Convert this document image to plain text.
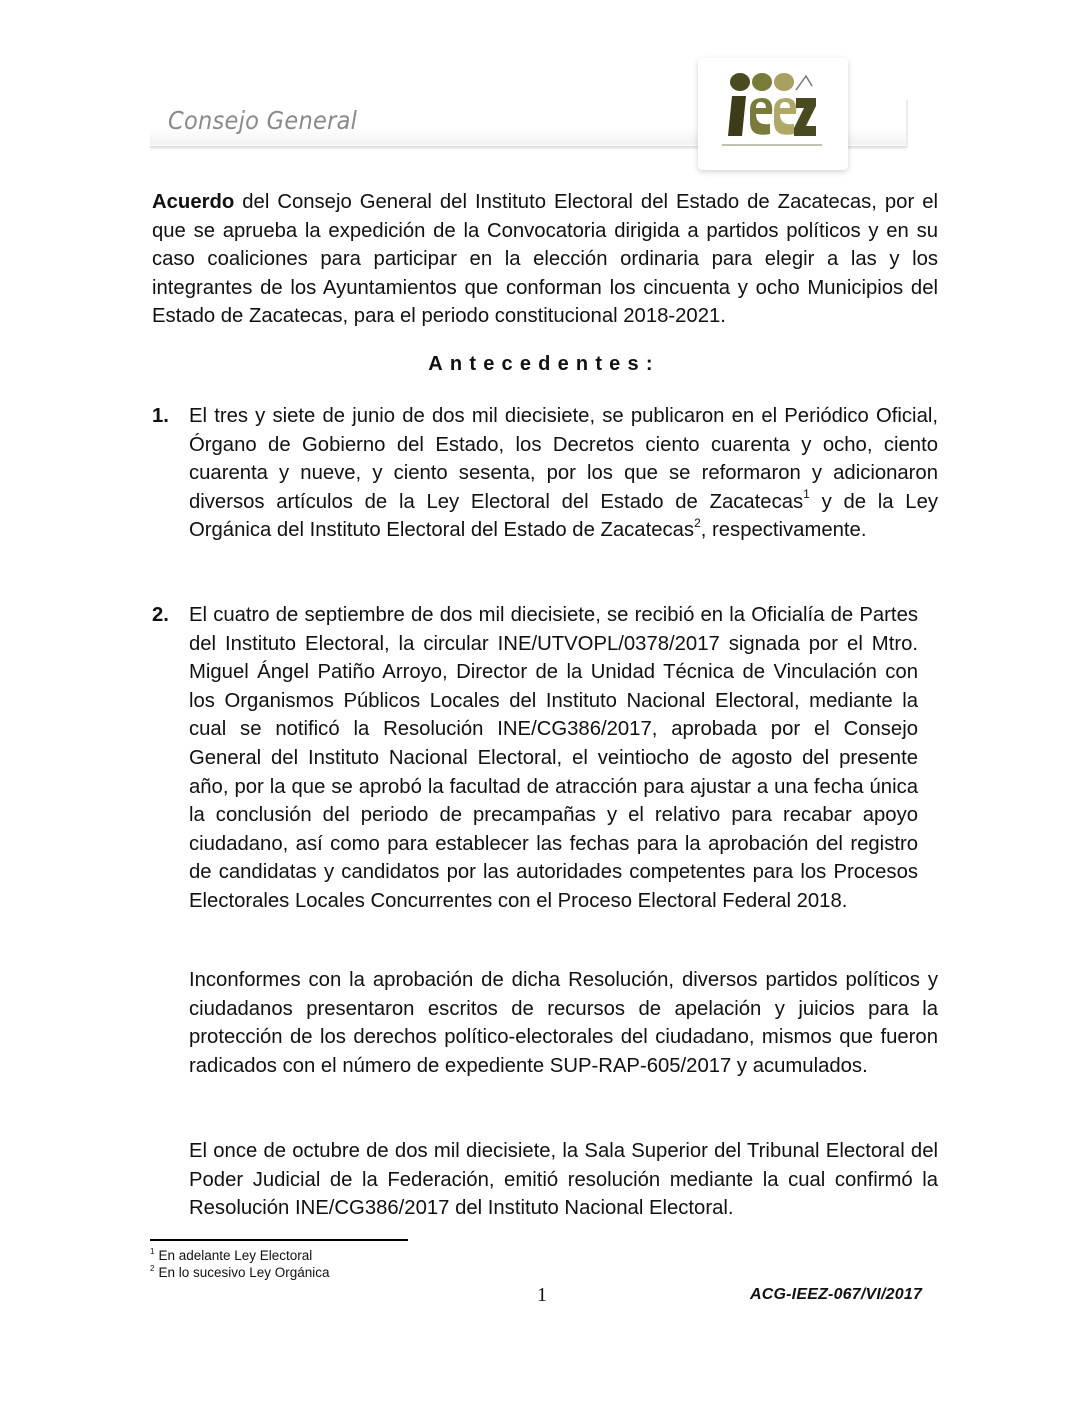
Consejo General

Acuerdo del Consejo General del Instituto Electoral del Estado de Zacatecas, por el que se aprueba la expedición de la Convocatoria dirigida a partidos políticos y en su caso coaliciones para participar en la elección ordinaria para elegir a las y los integrantes de los Ayuntamientos que conforman los cincuenta y ocho Municipios del Estado de Zacatecas, para el periodo constitucional 2018-2021.

Antecedentes:
1. El tres y siete de junio de dos mil diecisiete, se publicaron en el Periódico Oficial, Órgano de Gobierno del Estado, los Decretos ciento cuarenta y ocho, ciento cuarenta y nueve, y ciento sesenta, por los que se reformaron y adicionaron diversos artículos de la Ley Electoral del Estado de Zacatecas$^1$ y de la Ley Orgánica del Instituto Electoral del Estado de Zacatecas$^2$, respectivamente.
2. El cuatro de septiembre de dos mil diecisiete, se recibió en la Oficialía de Partes del Instituto Electoral, la circular INE/UTVOPL/0378/2017 signada por el Mtro. Miguel Ángel Patiño Arroyo, Director de la Unidad Técnica de Vinculación con los Organismos Públicos Locales del Instituto Nacional Electoral, mediante la cual se notificó la Resolución INE/CG386/2017, aprobada por el Consejo General del Instituto Nacional Electoral, el veintiocho de agosto del presente año, por la que se aprobó la facultad de atracción para ajustar a una fecha única la conclusión del periodo de precampañas y el relativo para recabar apoyo ciudadano, así como para establecer las fechas para la aprobación del registro de candidatas y candidatos por las autoridades competentes para los Procesos Electorales Locales Concurrentes con el Proceso Electoral Federal 2018.
Inconformes con la aprobación de dicha Resolución, diversos partidos políticos y ciudadanos presentaron escritos de recursos de apelación y juicios para la protección de los derechos político-electorales del ciudadano, mismos que fueron radicados con el número de expediente SUP-RAP-605/2017 y acumulados.
El once de octubre de dos mil diecisiete, la Sala Superior del Tribunal Electoral del Poder Judicial de la Federación, emitió resolución mediante la cual confirmó la Resolución INE/CG386/2017 del Instituto Nacional Electoral.
$^1$ En adelante Ley Electoral
$^2$ En lo sucesivo Ley Orgánica
1	ACG-IEEZ-067/VI/2017
